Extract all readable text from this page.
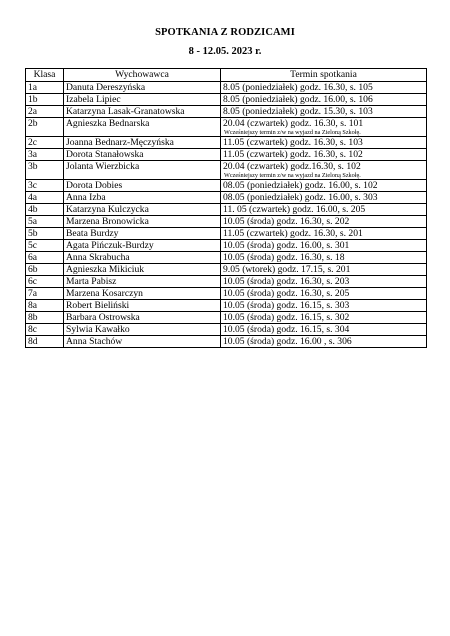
SPOTKANIA Z RODZICAMI
8 - 12.05. 2023 r.
Klasa	Wychowawca	Termin spotkania
1a	Danuta Dereszyńska	8.05 (poniedziałek) godz. 16.30, s. 105
1b	Izabela Lipiec	8.05 (poniedziałek) godz. 16.00, s. 106
2a	Katarzyna Lasak-Granatowska	8.05 (poniedziałek) godz. 15.30, s. 103
2b	Agnieszka Bednarska	20.04 (czwartek) godz. 16.30, s. 101
Wcześniejszy termin z/w na wyjazd na Zieloną Szkołę.

2c	Joanna Bednarz-Męczyńska	11.05 (czwartek) godz. 16.30, s. 103
3a	Dorota Stanałowska	11.05 (czwartek) godz. 16.30, s. 102
3b	Jolanta Wierzbicka	20.04 (czwartek) godz.16.30, s. 102
Wcześniejszy termin z/w na wyjazd na Zieloną Szkołę.

3c	Dorota Dobies	08.05 (poniedziałek) godz. 16.00, s. 102
4a	Anna Izba	08.05 (poniedziałek) godz. 16.00, s. 303
4b	Katarzyna Kulczycka	11. 05 (czwartek) godz. 16.00, s. 205
5a	Marzena Bronowicka	10.05 (środa) godz. 16.30, s. 202
5b	Beata Burdzy	11.05 (czwartek) godz. 16.30, s. 201
5c	Agata Pińczuk-Burdzy	10.05 (środa) godz. 16.00, s. 301
6a	Anna Skrabucha	10.05 (środa) godz. 16.30, s. 18
6b	Agnieszka Mikiciuk	9.05 (wtorek) godz. 17.15, s. 201
6c	Marta Pabisz	10.05 (środa) godz. 16.30, s. 203
7a	Marzena Kosarczyn	10.05 (środa) godz. 16.30, s. 205
8a	Robert Bieliński	10.05 (środa) godz. 16.15, s. 303
8b	Barbara Ostrowska	10.05 (środa) godz. 16.15, s. 302
8c	Sylwia Kawałko	10.05 (środa) godz. 16.15, s. 304
8d	Anna Stachów	10.05 (środa) godz. 16.00 , s. 306
